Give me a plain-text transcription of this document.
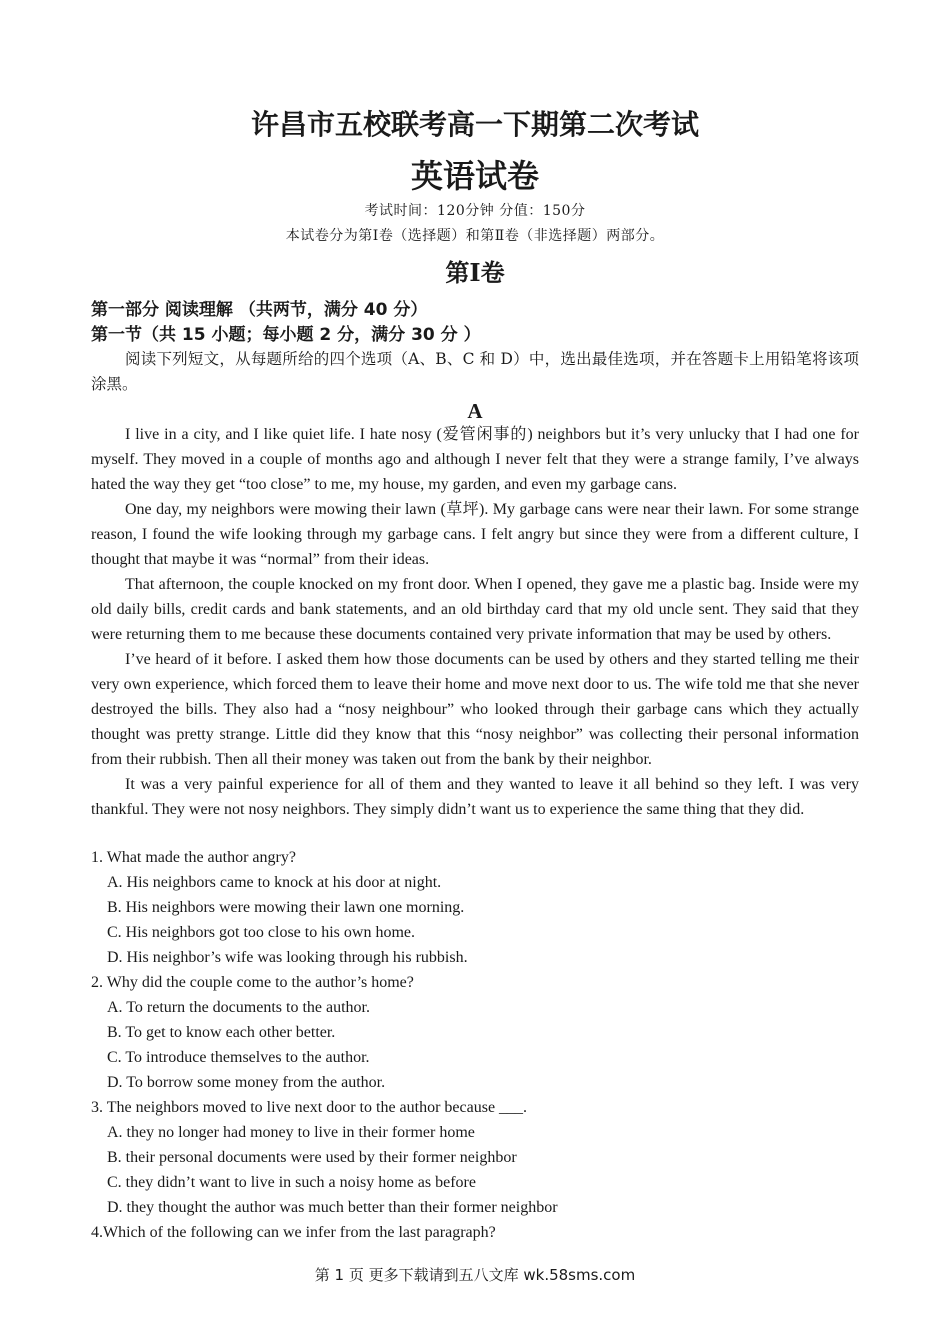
许昌市五校联考高一下期第二次考试
英语试卷
考试时间：120分钟 分值：150分
本试卷分为第Ⅰ卷（选择题）和第Ⅱ卷（非选择题）两部分。
第Ⅰ卷
第一部分 阅读理解 （共两节，满分 40 分）
第一节（共 15 小题；每小题 2 分，满分 30 分 ）
阅读下列短文，从每题所给的四个选项（A、B、C 和 D）中，选出最佳选项，并在答题卡上用铅笔将该项涂黑。
A

I live in a city, and I like quiet life. I hate nosy (爱管闲事的) neighbors but it’s very unlucky that I had one for myself. They moved in a couple of months ago and although I never felt that they were a strange family, I’ve always hated the way they get “too close” to me, my house, my garden, and even my garbage cans.

One day, my neighbors were mowing their lawn (草坪). My garbage cans were near their lawn. For some strange reason, I found the wife looking through my garbage cans. I felt angry but since they were from a different culture, I thought that maybe it was “normal” from their ideas.

That afternoon, the couple knocked on my front door. When I opened, they gave me a plastic bag. Inside were my old daily bills, credit cards and bank statements, and an old birthday card that my old uncle sent. They said that they were returning them to me because these documents contained very private information that may be used by others.

I’ve heard of it before. I asked them how those documents can be used by others and they started telling me their very own experience, which forced them to leave their home and move next door to us. The wife told me that she never destroyed the bills. They also had a “nosy neighbour” who looked through their garbage cans which they actually thought was pretty strange. Little did they know that this “nosy neighbor” was collecting their personal information from their rubbish. Then all their money was taken out from the bank by their neighbor.

It was a very painful experience for all of them and they wanted to leave it all behind so they left. I was very thankful. They were not nosy neighbors. They simply didn’t want us to experience the same thing that they did.

1. What made the author angry?

A. His neighbors came to knock at his door at night.

B. His neighbors were mowing their lawn one morning.

C. His neighbors got too close to his own home.

D. His neighbor’s wife was looking through his rubbish.

2. Why did the couple come to the author’s home?

A. To return the documents to the author.

B. To get to know each other better.

C. To introduce themselves to the author.

D. To borrow some money from the author.

3. The neighbors moved to live next door to the author because ___.

A. they no longer had money to live in their former home

B. their personal documents were used by their former neighbor

C. they didn’t want to live in such a noisy home as before

D. they thought the author was much better than their former neighbor

4.Which of the following can we infer from the last paragraph?

第 1 页 更多下载请到五八文库 wk.58sms.com
